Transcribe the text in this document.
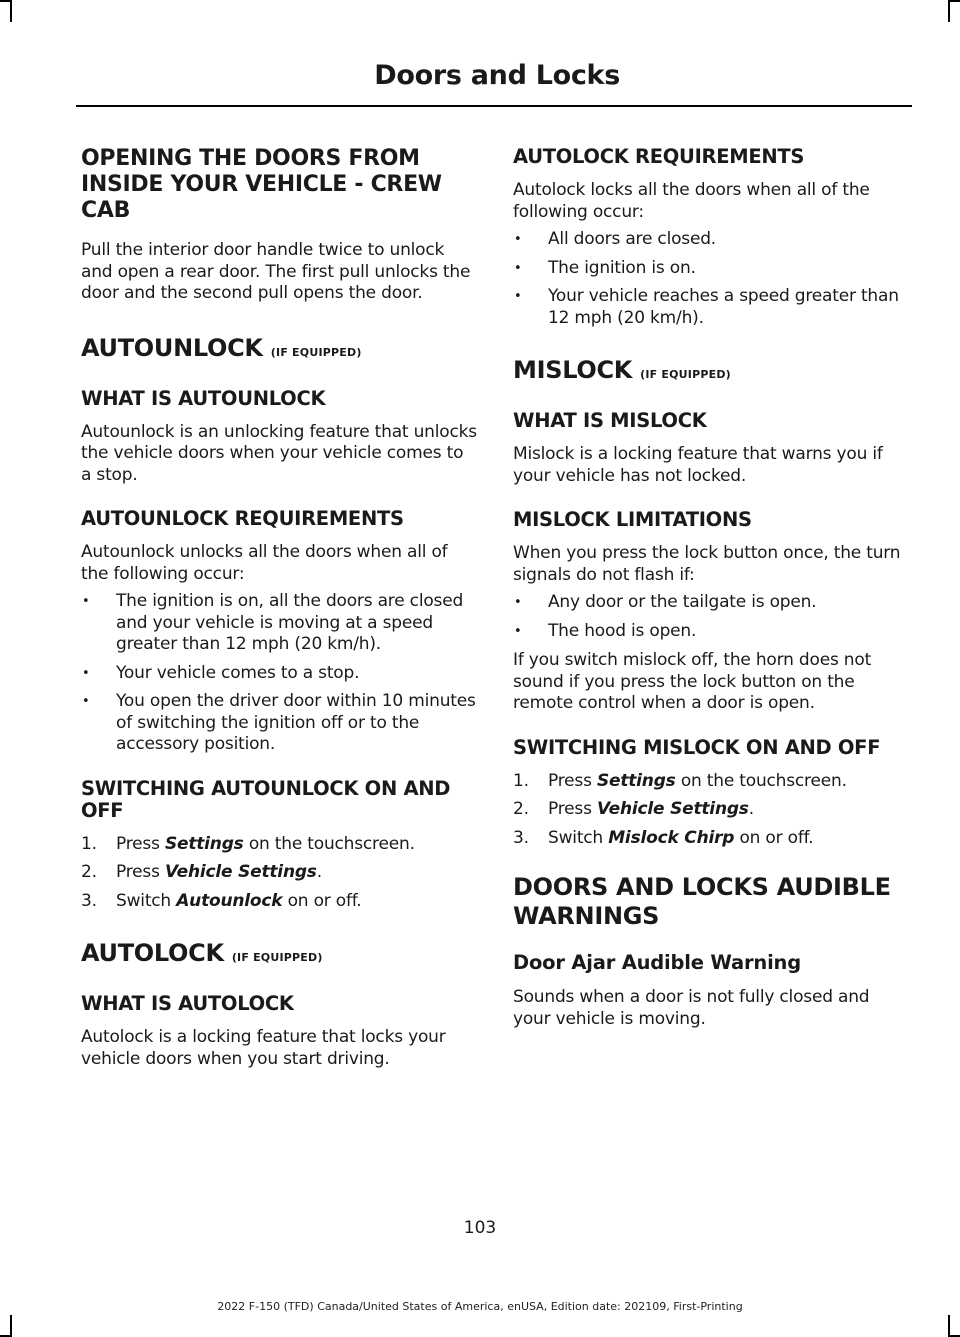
Doors and Locks
OPENING THE DOORS FROM INSIDE YOUR VEHICLE - CREW CAB

Pull the interior door handle twice to unlock and open a rear door. The first pull unlocks the door and the second pull opens the door.

AUTOUNLOCK (IF EQUIPPED)
WHAT IS AUTOUNLOCK

Autounlock is an unlocking feature that unlocks the vehicle doors when your vehicle comes to a stop.

AUTOUNLOCK REQUIREMENTS

Autounlock unlocks all the doors when all of the following occur:

• The ignition is on, all the doors are closed and your vehicle is moving at a speed greater than 12 mph (20 km/h).
• Your vehicle comes to a stop.
• You open the driver door within 10 minutes of switching the ignition off or to the accessory position.
SWITCHING AUTOUNLOCK ON AND OFF
1. Press Settings on the touchscreen.
2. Press Vehicle Settings.
3. Switch Autounlock on or off.
AUTOLOCK (IF EQUIPPED)
WHAT IS AUTOLOCK

Autolock is a locking feature that locks your vehicle doors when you start driving.

AUTOLOCK REQUIREMENTS

Autolock locks all the doors when all of the following occur:

• All doors are closed.
• The ignition is on.
• Your vehicle reaches a speed greater than 12 mph (20 km/h).
MISLOCK (IF EQUIPPED)
WHAT IS MISLOCK

Mislock is a locking feature that warns you if your vehicle has not locked.

MISLOCK LIMITATIONS

When you press the lock button once, the turn signals do not flash if:

• Any door or the tailgate is open.
• The hood is open.

If you switch mislock off, the horn does not sound if you press the lock button on the remote control when a door is open.

SWITCHING MISLOCK ON AND OFF
1. Press Settings on the touchscreen.
2. Press Vehicle Settings.
3. Switch Mislock Chirp on or off.
DOORS AND LOCKS AUDIBLE
WARNINGS
Door Ajar Audible Warning

Sounds when a door is not fully closed and your vehicle is moving.

103
2022 F-150 (TFD) Canada/United States of America, enUSA, Edition date: 202109, First-Printing
